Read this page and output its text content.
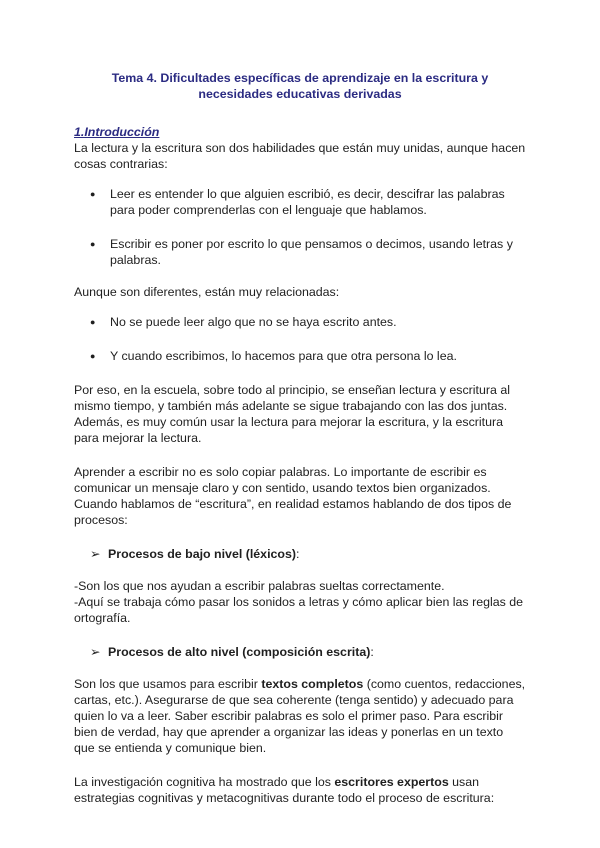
Tema 4. Dificultades específicas de aprendizaje en la escritura y necesidades educativas derivadas

1.Introducción

La lectura y la escritura son dos habilidades que están muy unidas, aunque hacen cosas contrarias:

● Leer es entender lo que alguien escribió, es decir, descifrar las palabras para poder comprenderlas con el lenguaje que hablamos.
● Escribir es poner por escrito lo que pensamos o decimos, usando letras y palabras.

Aunque son diferentes, están muy relacionadas:

● No se puede leer algo que no se haya escrito antes.
● Y cuando escribimos, lo hacemos para que otra persona lo lea.

Por eso, en la escuela, sobre todo al principio, se enseñan lectura y escritura al mismo tiempo, y también más adelante se sigue trabajando con las dos juntas. Además, es muy común usar la lectura para mejorar la escritura, y la escritura para mejorar la lectura.

Aprender a escribir no es solo copiar palabras. Lo importante de escribir es comunicar un mensaje claro y con sentido, usando textos bien organizados. Cuando hablamos de “escritura”, en realidad estamos hablando de dos tipos de procesos:

➢ Procesos de bajo nivel (léxicos):

-Son los que nos ayudan a escribir palabras sueltas correctamente.

-Aquí se trabaja cómo pasar los sonidos a letras y cómo aplicar bien las reglas de ortografía.

➢ Procesos de alto nivel (composición escrita):

Son los que usamos para escribir textos completos (como cuentos, redacciones, cartas, etc.). Asegurarse de que sea coherente (tenga sentido) y adecuado para quien lo va a leer. Saber escribir palabras es solo el primer paso. Para escribir bien de verdad, hay que aprender a organizar las ideas y ponerlas en un texto que se entienda y comunique bien.

La investigación cognitiva ha mostrado que los escritores expertos usan estrategias cognitivas y metacognitivas durante todo el proceso de escritura:
